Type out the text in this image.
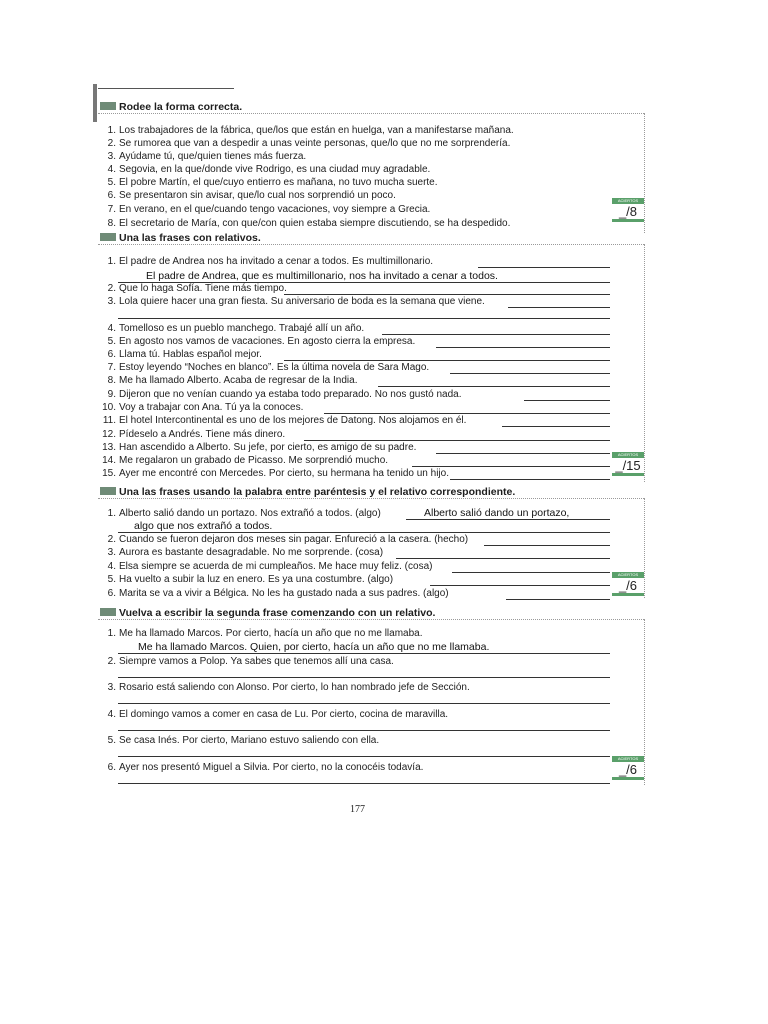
Rodee la forma correcta.
1. Los trabajadores de la fábrica, que/los que están en huelga, van a manifestarse mañana.
2. Se rumorea que van a despedir a unas veinte personas, que/lo que no me sorprendería.
3. Ayúdame tú, que/quien tienes más fuerza.
4. Segovia, en la que/donde vive Rodrigo, es una ciudad muy agradable.
5. El pobre Martín, el que/cuyo entierro es mañana, no tuvo mucha suerte.
6. Se presentaron sin avisar, que/lo cual nos sorprendió un poco.
7. En verano, en el que/cuando tengo vacaciones, voy siempre a Grecia.
8. El secretario de María, con que/con quien estaba siempre discutiendo, se ha despedido.
ACIERTOS
_/8
Una las frases con relativos.
1. El padre de Andrea nos ha invitado a cenar a todos. Es multimillonario.
El padre de Andrea, que es multimillonario, nos ha invitado a cenar a todos.
2. Que lo haga Sofía. Tiene más tiempo.
3. Lola quiere hacer una gran fiesta. Su aniversario de boda es la semana que viene.
4. Tomelloso es un pueblo manchego. Trabajé allí un año.
5. En agosto nos vamos de vacaciones. En agosto cierra la empresa.
6. Llama tú. Hablas español mejor.
7. Estoy leyendo “Noches en blanco”. Es la última novela de Sara Mago.
8. Me ha llamado Alberto. Acaba de regresar de la India.
9. Dijeron que no venían cuando ya estaba todo preparado. No nos gustó nada.
10. Voy a trabajar con Ana. Tú ya la conoces.
11. El hotel Intercontinental es uno de los mejores de Datong. Nos alojamos en él.
12. Pídeselo a Andrés. Tiene más dinero.
13. Han ascendido a Alberto. Su jefe, por cierto, es amigo de su padre.
14. Me regalaron un grabado de Picasso. Me sorprendió mucho.
15. Ayer me encontré con Mercedes. Por cierto, su hermana ha tenido un hijo.
ACIERTOS
_/15
Una las frases usando la palabra entre paréntesis y el relativo correspondiente.
1. Alberto salió dando un portazo. Nos extrañó a todos. (algo)	Alberto salió dando un portazo,
algo que nos extrañó a todos.
2. Cuando se fueron dejaron dos meses sin pagar. Enfureció a la casera. (hecho)
3. Aurora es bastante desagradable. No me sorprende. (cosa)
4. Elsa siempre se acuerda de mi cumpleaños. Me hace muy feliz. (cosa)
5. Ha vuelto a subir la luz en enero. Es ya una costumbre. (algo)
6. Marita se va a vivir a Bélgica. No les ha gustado nada a sus padres. (algo)
ACIERTOS
_/6
Vuelva a escribir la segunda frase comenzando con un relativo.
1. Me ha llamado Marcos. Por cierto, hacía un año que no me llamaba.
Me ha llamado Marcos. Quien, por cierto, hacía un año que no me llamaba.
2. Siempre vamos a Polop. Ya sabes que tenemos allí una casa.
3. Rosario está saliendo con Alonso. Por cierto, lo han nombrado jefe de Sección.
4. El domingo vamos a comer en casa de Lu. Por cierto, cocina de maravilla.
5. Se casa Inés. Por cierto, Mariano estuvo saliendo con ella.
6. Ayer nos presentó Miguel a Silvia. Por cierto, no la conocéis todavía.
ACIERTOS
_/6
177
